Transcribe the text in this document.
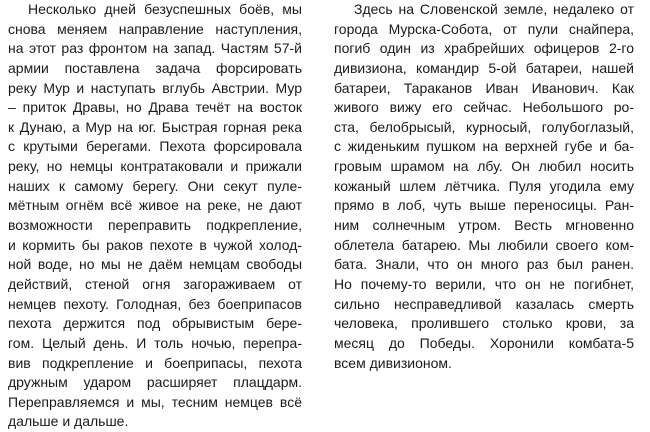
Несколько дней безуспешных боёв, мы
снова меняем направление наступления,
на этот раз фронтом на запад. Частям 57-й
армии поставлена задача форсировать
реку Мур и наступать вглубь Австрии. Мур
– приток Дравы, но Драва течёт на восток
к Дунаю, а Мур на юг. Быстрая горная река
с крутыми берегами. Пехота форсировала
реку, но немцы контратаковали и прижали
наших к самому берегу. Они секут пуле-
мётным огнём всё живое на реке, не дают
возможности переправить подкрепление,
и кормить бы раков пехоте в чужой холод-
ной воде, но мы не даём немцам свободы
действий, стеной огня загораживаем от
немцев пехоту. Голодная, без боеприпасов
пехота держится под обрывистым бере-
гом. Целый день. И толь ночью, перепра-
вив подкрепление и боеприпасы, пехота
дружным ударом расширяет плацдарм.
Переправляемся и мы, тесним немцев всё
дальше и дальше.
Здесь на Словенской земле, недалеко от
города Мурска-Собота, от пули снайпера,
погиб один из храбрейших офицеров 2-го
дивизиона, командир 5-ой батареи, нашей
батареи, Тараканов Иван Иванович. Как
живого вижу его сейчас. Небольшого ро-
ста, белобрысый, курносый, голубоглазый,
с жиденьким пушком на верхней губе и ба-
гровым шрамом на лбу. Он любил носить
кожаный шлем лётчика. Пуля угодила ему
прямо в лоб, чуть выше переносицы. Ран-
ним солнечным утром. Весть мгновенно
облетела батарею. Мы любили своего ком-
бата. Знали, что он много раз был ранен.
Но почему-то верили, что он не погибнет,
сильно несправедливой казалась смерть
человека, пролившего столько крови, за
месяц до Победы. Хоронили комбата-5
всем дивизионом.
